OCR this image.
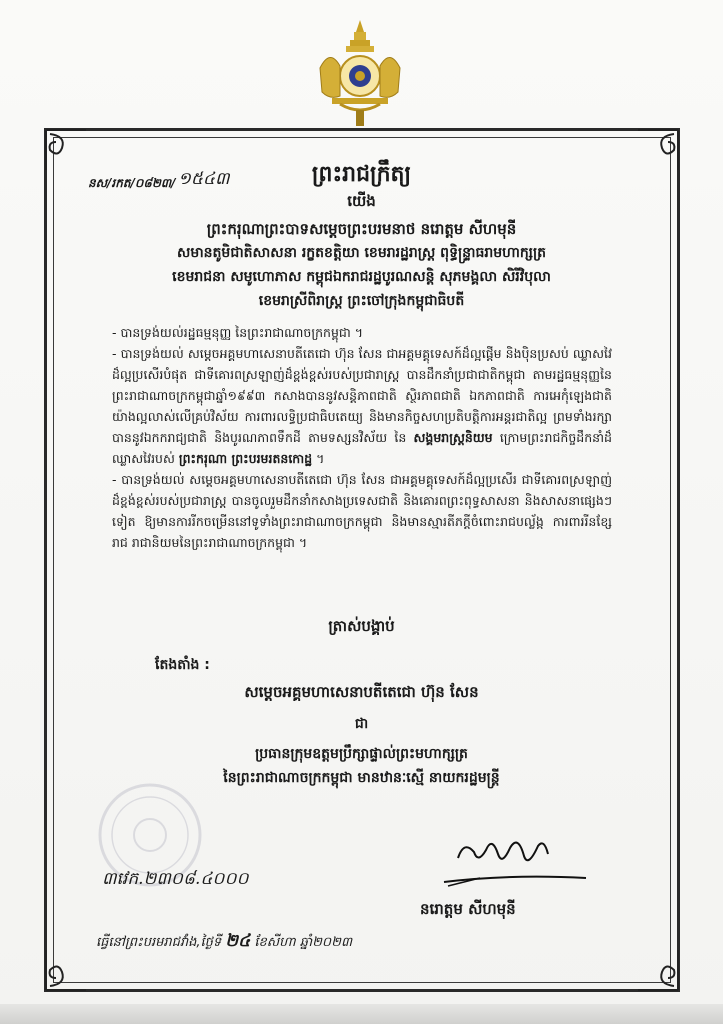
ព្រះរាជក្រឹត្យ
នស/រកត/០៨២៣/ ១៥៤៣
យើង
ព្រះករុណាព្រះបាទសម្តេចព្រះបរមនាថ នរោត្តម សីហមុនី
សមានតូមិជាតិសាសនា រក្ខតខត្តិយា ខេមរារដ្ឋរាស្ត្រ ពុទ្ធិន្ទ្រាធរាមហាក្សត្រ
ខេមរាជនា សមូហោភាស កម្ពុជឯករាជរដ្ឋបូរណសន្តិ សុភមង្គលា សិរីវិបុលា
ខេមរាស្រីពិរាស្ត្រ ព្រះចៅក្រុងកម្ពុជាធិបតី

- បានទ្រង់យល់រដ្ឋធម្មនុញ្ញ នៃព្រះរាជាណាចក្រកម្ពុជា ។

- បានទ្រង់យល់ សម្តេចអគ្គមហាសេនាបតីតេជោ ហ៊ុន សែន ជាអគ្គមគ្គុទេសក៍ដ៏ល្អផ្តើម និងប៉ិនប្រសប់ ឈ្លាសវៃដ៏ល្អប្រសើរបំផុត ជាទីគោរពស្រឡាញ់ដ៏ខ្ពង់ខ្ពស់របស់ប្រជារាស្ត្រ បានដឹកនាំប្រជាជាតិកម្ពុជា តាមរដ្ឋធម្មនុញ្ញនៃព្រះរាជាណាចក្រកម្ពុជាឆ្នាំ១៩៩៣ កសាងបាននូវសន្តិភាពជាតិ ស្ថិរភាពជាតិ ឯកភាពជាតិ ការអេកុំឡេងជាតិយ៉ាងល្អលាស់លើគ្រប់វិស័យ ការពារលទ្ធិប្រជាធិបតេយ្យ និងមានកិច្ចសហប្រតិបត្តិការអន្តរជាតិល្អ ព្រមទាំងរក្សាបាននូវឯកករាជ្យជាតិ និងបូរណភាពទឹកដី តាមទស្សនវិស័យ នៃ សង្គមរាស្ត្រនិយម ក្រោមព្រះរាជកិច្ចដឹកនាំដ៏ឈ្លាសវៃរបស់ ព្រះករុណា ព្រះបរមរតនកោដ្ឋ ។

- បានទ្រង់យល់ សម្តេចអគ្គមហាសេនាបតីតេជោ ហ៊ុន សែន ជាអគ្គមគ្គុទេសក៍ដ៏ល្អប្រសើរ ជាទីគោរពស្រឡាញ់ដ៏ខ្ពង់ខ្ពស់របស់ប្រជារាស្ត្រ បានចូលរួមដឹកនាំកសាងប្រទេសជាតិ និងគោរពព្រះពុទ្ធសាសនា និងសាសនាផ្សេងៗទៀត ឱ្យមានការរីកចម្រើននៅទូទាំងព្រះរាជាណាចក្រកម្ពុជា និងមានស្មារតីភក្តីចំពោះរាជបល្ល័ង្ក ការពាររីនខ្សែរាជ រាជានិយមនៃព្រះរាជាណាចក្រកម្ពុជា ។

ត្រាស់បង្គាប់
តែងតាំង :
សម្តេចអគ្គមហាសេនាបតីតេជោ ហ៊ុន សែន
ជា
ប្រធានក្រុមឧត្តមប្រឹក្សាផ្ទាល់ព្រះមហាក្សត្រ
នៃព្រះរាជាណាចក្រកម្ពុជា មានឋានៈស្មើ នាយករដ្ឋមន្ត្រី
៣វេក.២៣០៨.៤០០០
នរោត្តម សីហមុនី
ធ្វើនៅព្រះបរមរាជវាំង,ថ្ងៃទី ២៤ ខែសីហា ឆ្នាំ២០២៣
